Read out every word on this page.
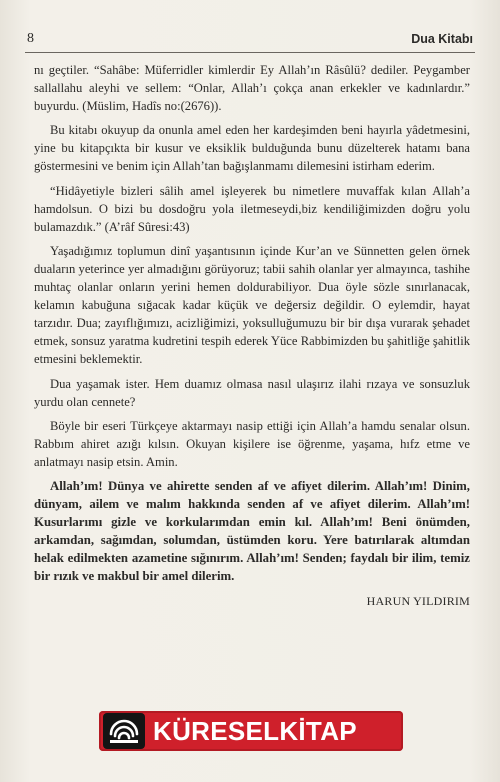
8	Dua Kitabı

nı geçtiler. “Sahâbe: Müferridler kimlerdir Ey Allah’ın Râsûlü? dediler. Peygamber sallallahu aleyhi ve sellem: “Onlar, Allah’ı çokça anan erkekler ve kadınlardır.” buyurdu. (Müslim, Hadîs no:(2676)).

Bu kitabı okuyup da onunla amel eden her kardeşimden beni hayırla yâdetmesini, yine bu kitapçıkta bir kusur ve eksiklik bulduğunda bunu düzelterek hatamı bana göstermesini ve benim için Allah’tan bağışlanmamı dilemesini istirham ederim.

“Hidâyetiyle bizleri sâlih amel işleyerek bu nimetlere muvaffak kılan Allah’a hamdolsun. O bizi bu dosdoğru yola iletmeseydi,biz kendiliğimizden doğru yolu bulamazdık.” (A’râf Sûresi:43)

Yaşadığımız toplumun dinî yaşantısının içinde Kur’an ve Sünnetten gelen örnek duaların yeterince yer almadığını görüyoruz; tabii sahih olanlar yer almayınca, tashihe muhtaç olanlar onların yerini hemen doldurabiliyor. Dua öyle sözle sınırlanacak, kelamın kabuğuna sığacak kadar küçük ve değersiz değildir. O eylemdir, hayat tarzıdır. Dua; zayıflığımızı, acizliğimizi, yoksulluğumuzu bir bir dışa vurarak şehadet etmek, sonsuz yaratma kudretini tespih ederek Yüce Rabbimizden bu şahitliğe şahitlik etmesini beklemektir.

Dua yaşamak ister. Hem duamız olmasa nasıl ulaşırız ilahi rızaya ve sonsuzluk yurdu olan cennete?

Böyle bir eseri Türkçeye aktarmayı nasip ettiği için Allah’a hamdu senalar olsun. Rabbım ahiret azığı kılsın. Okuyan kişilere ise öğrenme, yaşama, hıfz etme ve anlatmayı nasip etsin. Amin.

Allah’ım! Dünya ve ahirette senden af ve afiyet dilerim. Allah’ım! Dinim, dünyam, ailem ve malım hakkında senden af ve afiyet dilerim. Allah’ım! Kusurlarımı gizle ve korkularımdan emin kıl. Allah’ım! Beni önümden, arkamdan, sağımdan, solumdan, üstümden koru. Yere batırılarak altımdan helak edilmekten azametine sığınırım. Allah’ım! Senden; faydalı bir ilim, temiz bir rızık ve makbul bir amel dilerim.

HARUN YILDIRIM
KÜRESELKİTAP
